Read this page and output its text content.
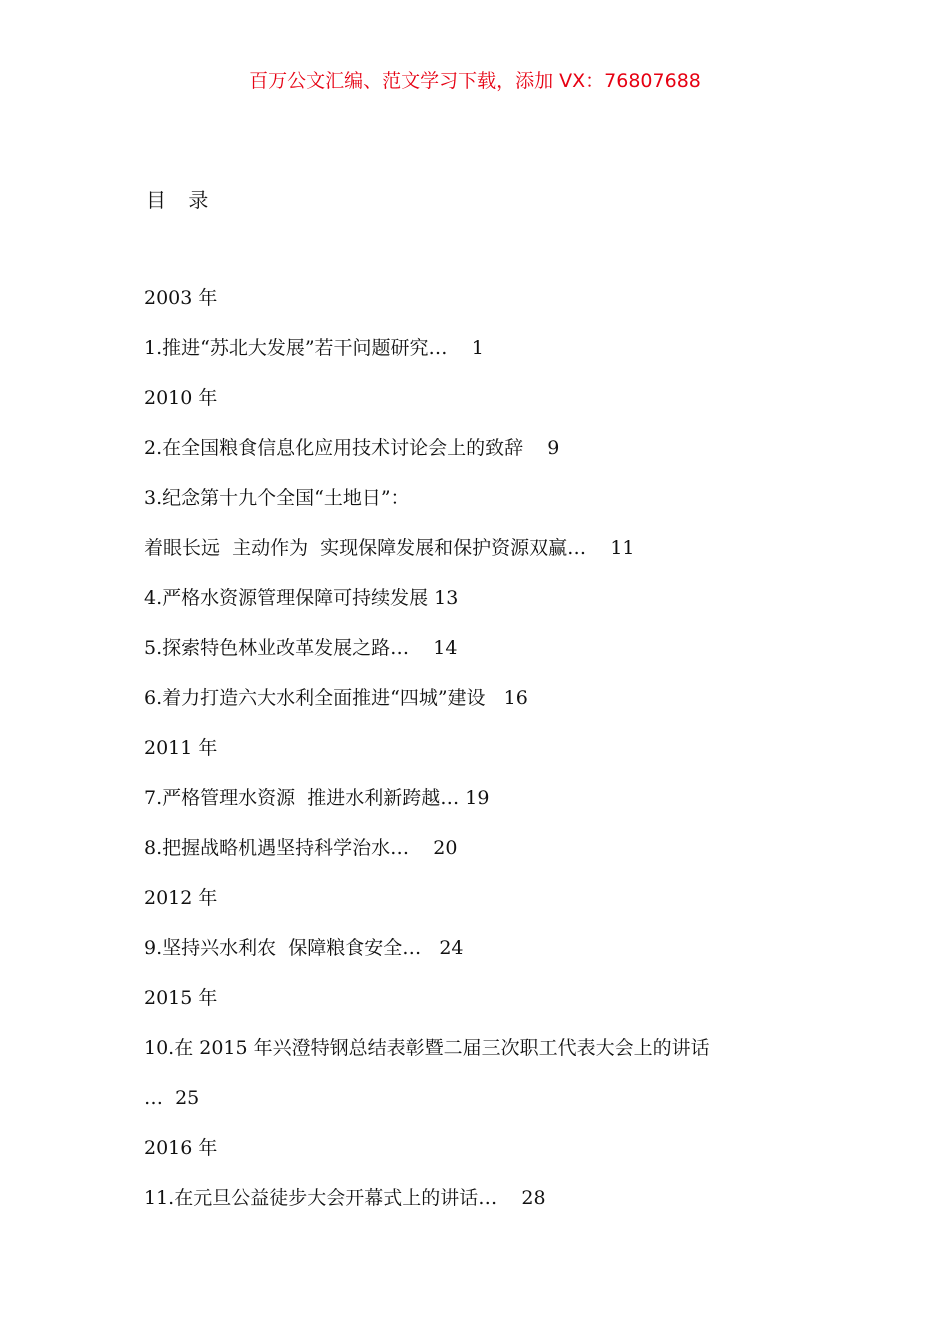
百万公文汇编、范文学习下载，添加 VX：76807688
目 录
2003 年
1.推进“苏北大发展”若干问题研究…    1
2010 年
2.在全国粮食信息化应用技术讨论会上的致辞    9
3.纪念第十九个全国“土地日”：
着眼长远  主动作为  实现保障发展和保护资源双赢…    11
4.严格水资源管理保障可持续发展 13
5.探索特色林业改革发展之路…    14
6.着力打造六大水利全面推进“四城”建设   16
2011 年
7.严格管理水资源  推进水利新跨越… 19
8.把握战略机遇坚持科学治水…    20
2012 年
9.坚持兴水利农  保障粮食安全…   24
2015 年
10.在 2015 年兴澄特钢总结表彰暨二届三次职工代表大会上的讲话
…  25
2016 年
11.在元旦公益徒步大会开幕式上的讲话…    28
